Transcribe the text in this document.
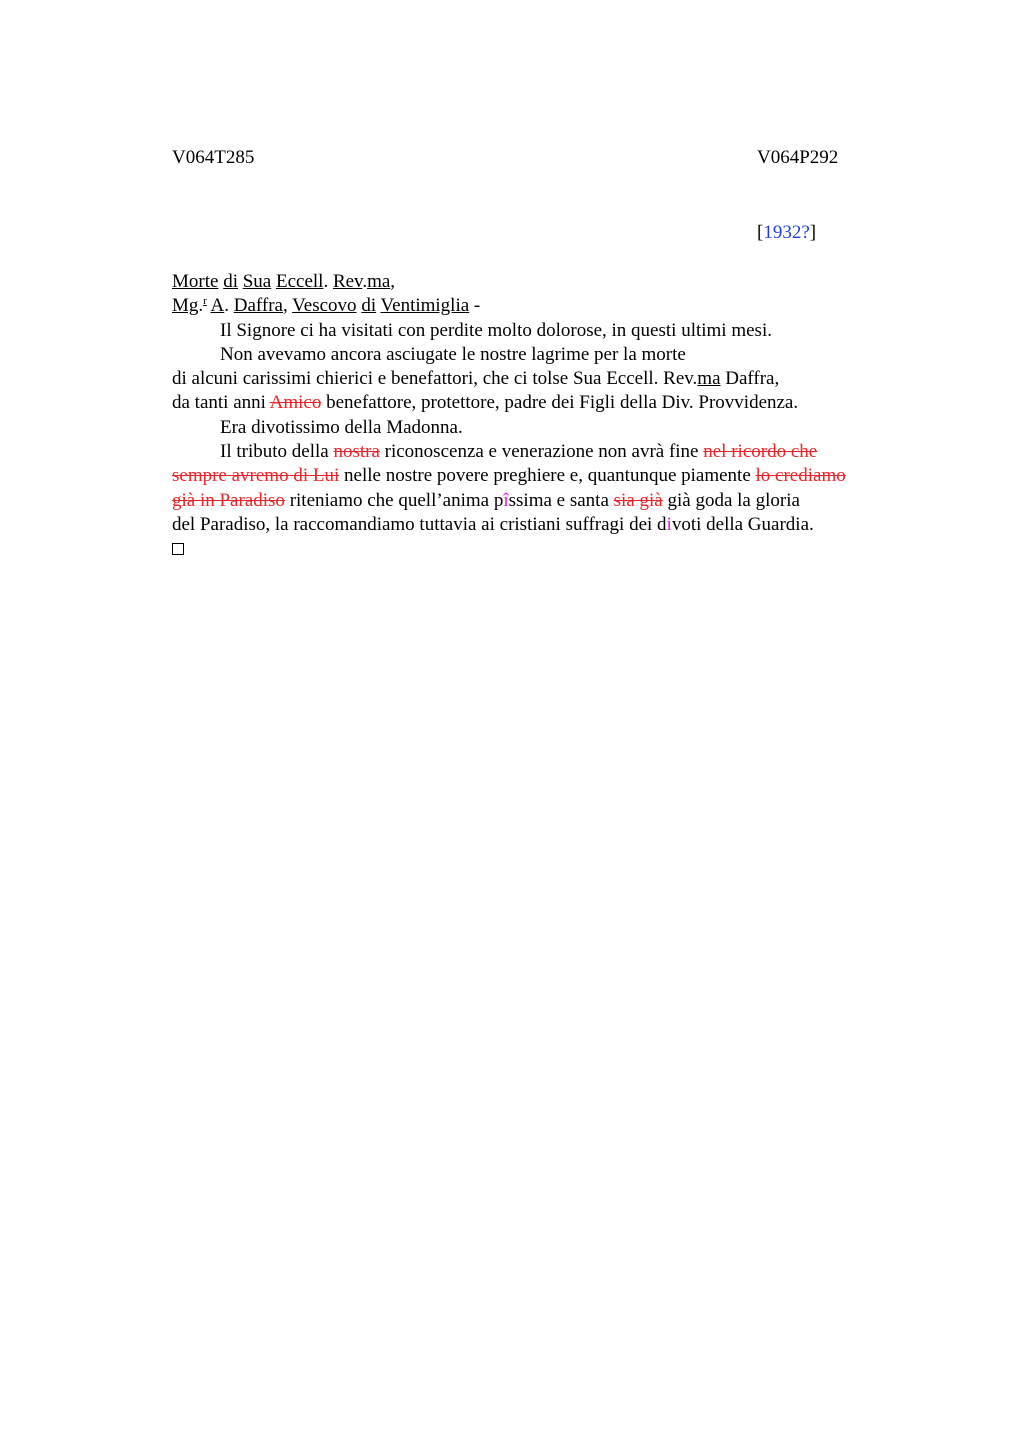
V064T285	V064P292
[1932?]
Morte di Sua Eccell. Rev.ma,
Mg.$^r$ A. Daffra, Vescovo di Ventimiglia -
Il Signore ci ha visitati con perdite molto dolorose, in questi ultimi mesi.
Non avevamo ancora asciugate le nostre lagrime per la morte
di alcuni carissimi chierici e benefattori, che ci tolse Sua Eccell. Rev.ma Daffra,
da tanti anni Amico benefattore, protettore, padre dei Figli della Div. Provvidenza.
Era divotissimo della Madonna.
Il tributo della nostra riconoscenza e venerazione non avrà fine nel ricordo che
sempre avremo di Lui nelle nostre povere preghiere e, quantunque piamente lo crediamo
già in Paradiso riteniamo che quell’anima pîssima e santa sia già già goda la gloria
del Paradiso, la raccomandiamo tuttavia ai cristiani suffragi dei divoti della Guardia.
